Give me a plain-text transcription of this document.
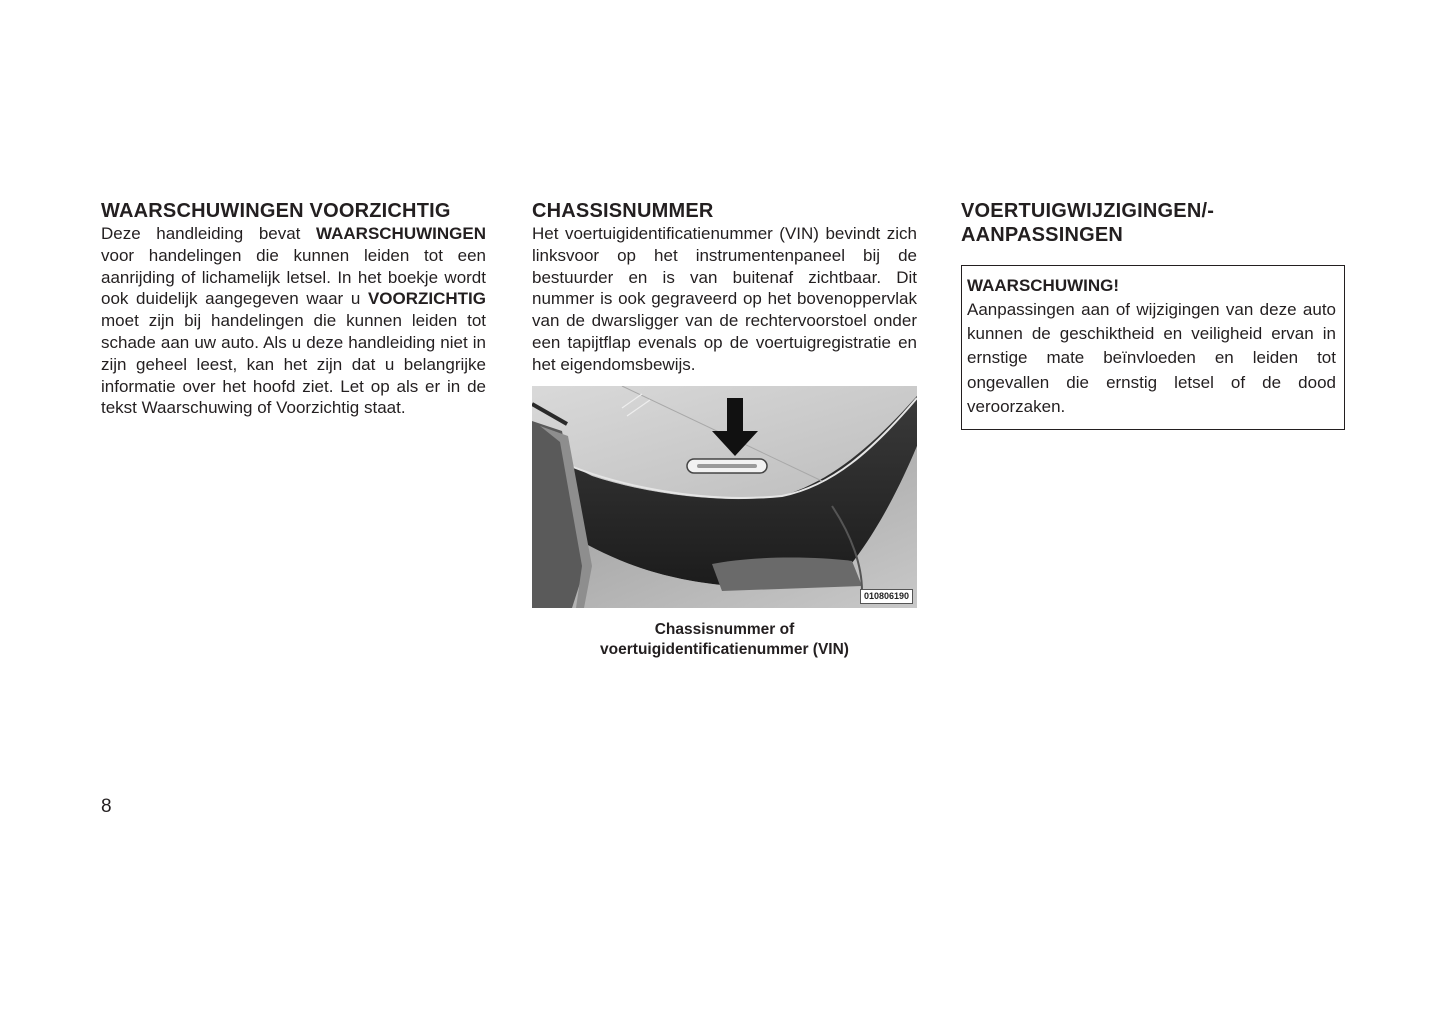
WAARSCHUWINGEN VOORZICHTIG

Deze handleiding bevat WAARSCHUWINGEN voor handelingen die kunnen leiden tot een aanrijding of lichamelijk letsel. In het boekje wordt ook duidelijk aangegeven waar u VOORZICHTIG moet zijn bij handelingen die kunnen leiden tot schade aan uw auto. Als u deze handleiding niet in zijn geheel leest, kan het zijn dat u belangrijke informatie over het hoofd ziet. Let op als er in de tekst Waarschuwing of Voorzichtig staat.

CHASSISNUMMER

Het voertuigidentificatienummer (VIN) bevindt zich linksvoor op het instrumentenpaneel bij de bestuurder en is van buitenaf zichtbaar. Dit nummer is ook gegraveerd op het bovenoppervlak van de dwarsligger van de rechtervoorstoel onder een tapijtflap evenals op de voertuigregistratie en het eigendomsbewijs.

010806190
Chassisnummer of
voertuigidentificatienummer (VIN)
VOERTUIGWIJZIGINGEN/-
AANPASSINGEN
WAARSCHUWING!

Aanpassingen aan of wijzigingen van deze auto kunnen de geschiktheid en veiligheid ervan in ernstige mate beïnvloeden en leiden tot ongevallen die ernstig letsel of de dood veroorzaken.

8
